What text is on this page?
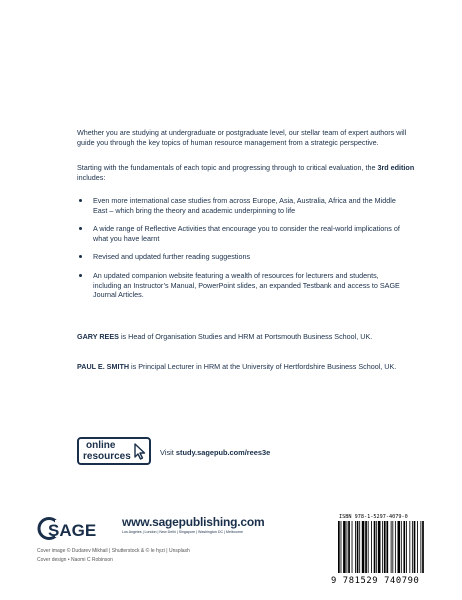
Whether you are studying at undergraduate or postgraduate level, our stellar team of expert authors will guide you through the key topics of human resource management from a strategic perspective.

Starting with the fundamentals of each topic and progressing through to critical evaluation, the 3rd edition includes:

Even more international case studies from across Europe, Asia, Australia, Africa and the Middle East – which bring the theory and academic underpinning to life
A wide range of Reflective Activities that encourage you to consider the real-world implications of what you have learnt
Revised and updated further reading suggestions
An updated companion website featuring a wealth of resources for lecturers and students, including an Instructor’s Manual, PowerPoint slides, an expanded Testbank and access to SAGE Journal Articles.

GARY REES is Head of Organisation Studies and HRM at Portsmouth Business School, UK.

PAUL E. SMITH is Principal Lecturer in HRM at the University of Hertfordshire Business School, UK.

online
resources	Visit study.sagepub.com/rees3e
SAGE www.sagepublishing.com
Los Angeles | London | New Delhi | Singapore | Washington DC | Melbourne
Cover image © Dudarev Mikhail | Shutterstock & © le hyzi | Unsplash
Cover design • Naomi C Robinson
ISBN 978-1-5297-4079-0
9 781529 740790
